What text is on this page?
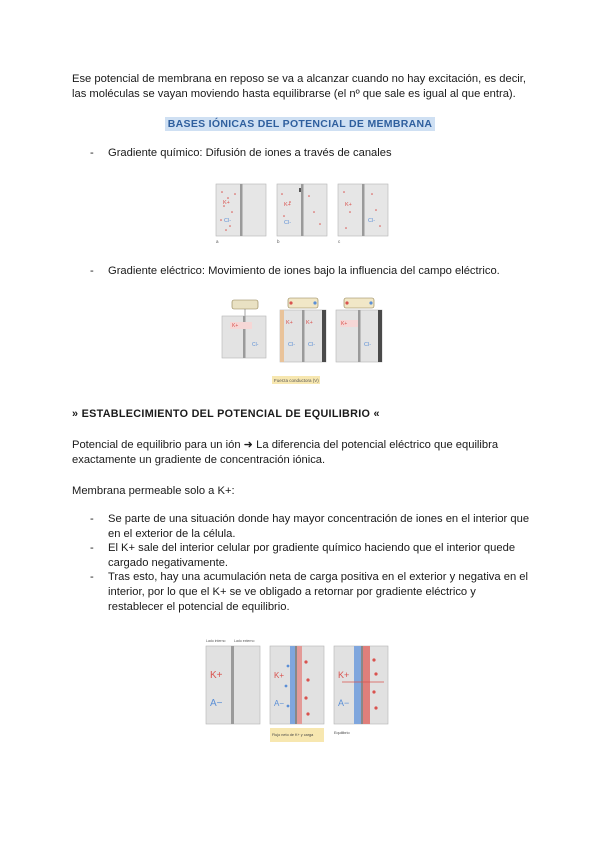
Ese potencial de membrana en reposo se va a alcanzar cuando no hay excitación, es decir, las moléculas se vayan moviendo hasta equilibrarse (el nº que sale es igual al que entra).

BASES IÓNICAS DEL POTENCIAL DE MEMBRANA
- Gradiente químico: Difusión de iones a través de canales
K+
Cl-
a
K+
Cl-
b
K+
Cl-
c
- Gradiente eléctrico: Movimiento de iones bajo la influencia del campo eléctrico.
K+
Cl-
K+ K+
Cl- Cl-
K+
Cl-
Fuerza conductora (V)
» ESTABLECIMIENTO DEL POTENCIAL DE EQUILIBRIO «

Potencial de equilibrio para un ión ➜ La diferencia del potencial eléctrico que equilibra exactamente un gradiente de concentración iónica.

Membrana permeable solo a K+:

- Se parte de una situación donde hay mayor concentración de iones en el interior que en el exterior de la célula.
- El K+ sale del interior celular por gradiente químico haciendo que el interior quede cargado negativamente.
- Tras esto, hay una acumulación neta de carga positiva en el exterior y negativa en el interior, por lo que el K+ se ve obligado a retornar por gradiente eléctrico y restablecer el potencial de equilibrio.
Lado interno Lado externo
K+
A−
K+
A−
Flujo neto de K+ y carga
K+
A−
Equilibrio
